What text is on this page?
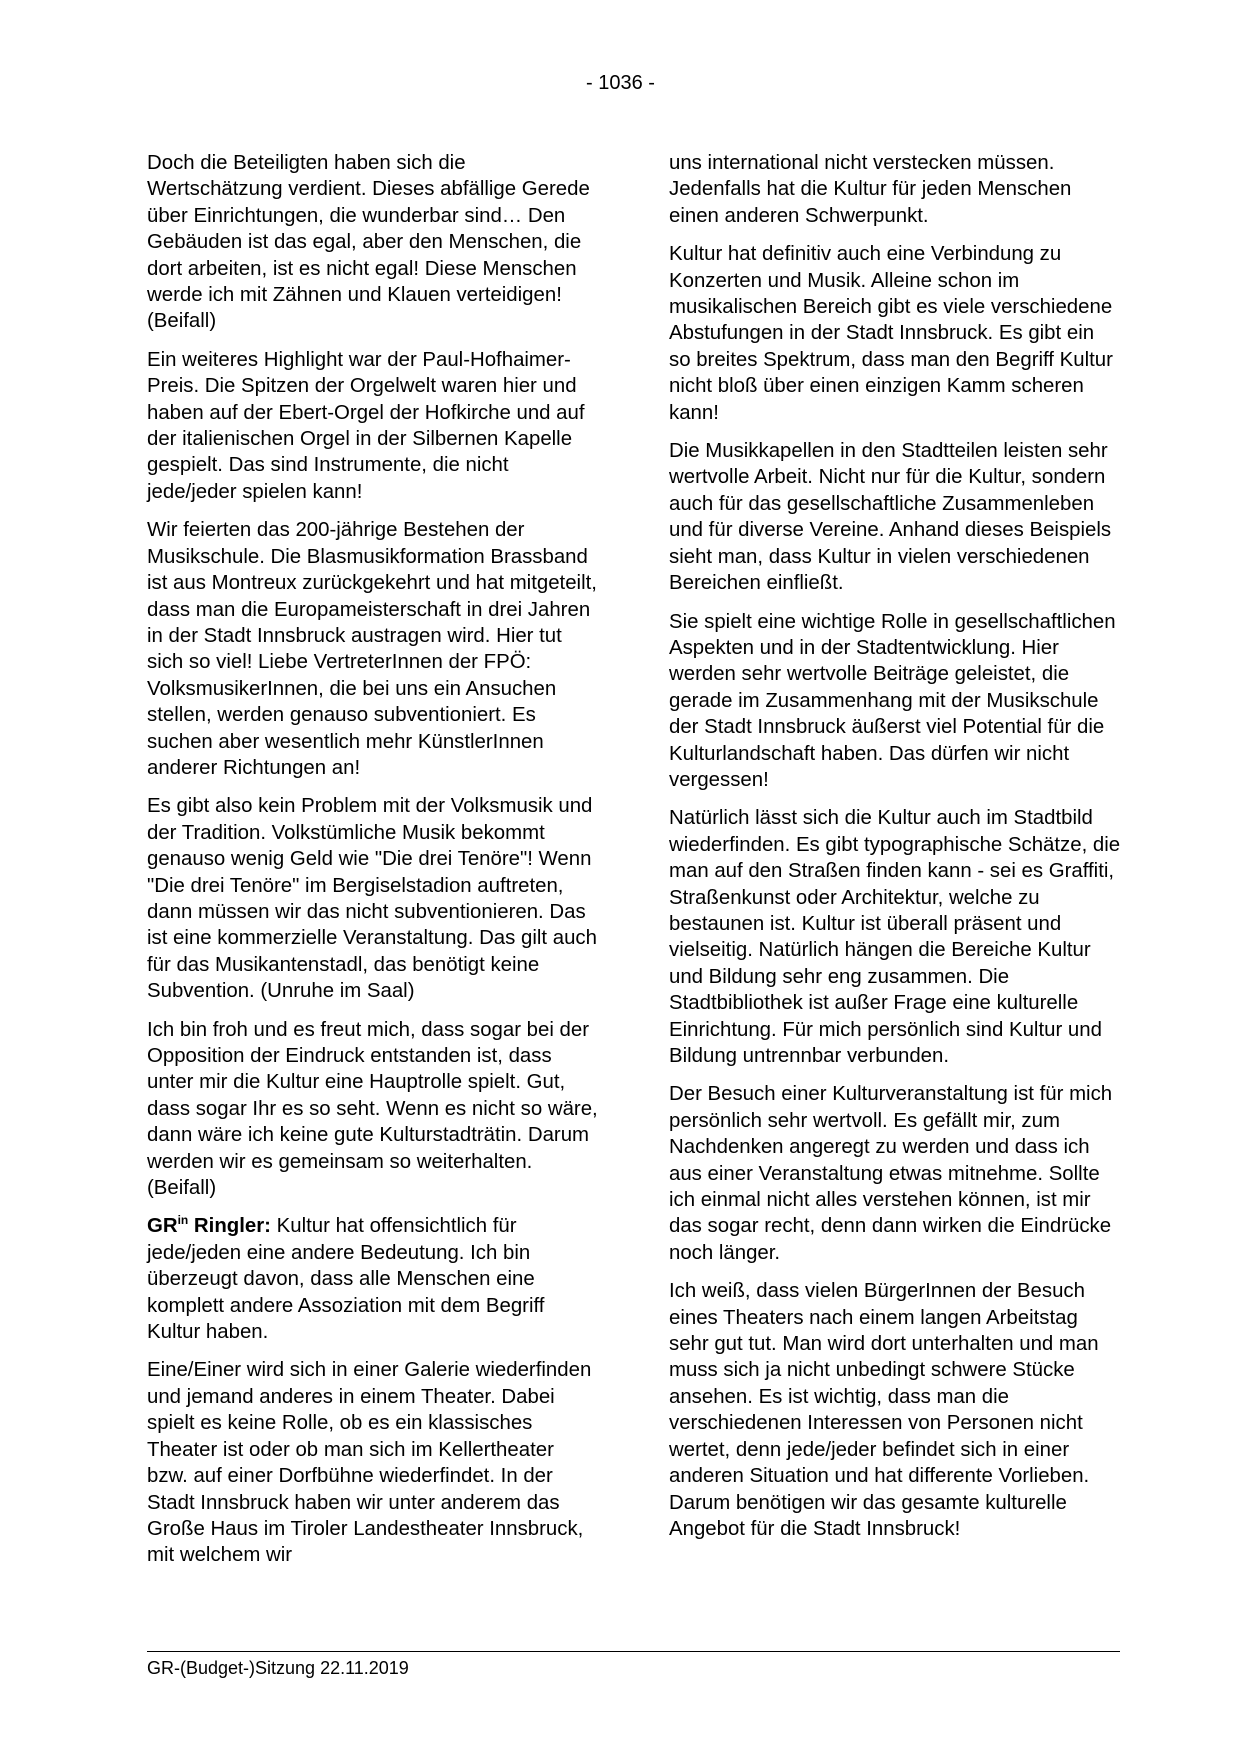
- 1036 -

Doch die Beteiligten haben sich die Wertschätzung verdient. Dieses abfällige Gerede über Einrichtungen, die wunderbar sind… Den Gebäuden ist das egal, aber den Menschen, die dort arbeiten, ist es nicht egal! Diese Menschen werde ich mit Zähnen und Klauen verteidigen! (Beifall)

Ein weiteres Highlight war der Paul-Hofhaimer-Preis. Die Spitzen der Orgelwelt waren hier und haben auf der Ebert-Orgel der Hofkirche und auf der italienischen Orgel in der Silbernen Kapelle gespielt. Das sind Instrumente, die nicht jede/jeder spielen kann!

Wir feierten das 200-jährige Bestehen der Musikschule. Die Blasmusikformation Brassband ist aus Montreux zurückgekehrt und hat mitgeteilt, dass man die Europameisterschaft in drei Jahren in der Stadt Innsbruck austragen wird. Hier tut sich so viel! Liebe VertreterInnen der FPÖ: VolksmusikerInnen, die bei uns ein Ansuchen stellen, werden genauso subventioniert. Es suchen aber wesentlich mehr KünstlerInnen anderer Richtungen an!

Es gibt also kein Problem mit der Volksmusik und der Tradition. Volkstümliche Musik bekommt genauso wenig Geld wie "Die drei Tenöre"! Wenn "Die drei Tenöre" im Bergiselstadion auftreten, dann müssen wir das nicht subventionieren. Das ist eine kommerzielle Veranstaltung. Das gilt auch für das Musikantenstadl, das benötigt keine Subvention. (Unruhe im Saal)

Ich bin froh und es freut mich, dass sogar bei der Opposition der Eindruck entstanden ist, dass unter mir die Kultur eine Hauptrolle spielt. Gut, dass sogar Ihr es so seht. Wenn es nicht so wäre, dann wäre ich keine gute Kulturstadträtin. Darum werden wir es gemeinsam so weiterhalten. (Beifall)

$GR^{in}$ Ringler: Kultur hat offensichtlich für jede/jeden eine andere Bedeutung. Ich bin überzeugt davon, dass alle Menschen eine komplett andere Assoziation mit dem Begriff Kultur haben.

Eine/Einer wird sich in einer Galerie wiederfinden und jemand anderes in einem Theater. Dabei spielt es keine Rolle, ob es ein klassisches Theater ist oder ob man sich im Kellertheater bzw. auf einer Dorfbühne wiederfindet. In der Stadt Innsbruck haben wir unter anderem das Große Haus im Tiroler Landestheater Innsbruck, mit welchem wir

uns international nicht verstecken müssen. Jedenfalls hat die Kultur für jeden Menschen einen anderen Schwerpunkt.

Kultur hat definitiv auch eine Verbindung zu Konzerten und Musik. Alleine schon im musikalischen Bereich gibt es viele verschiedene Abstufungen in der Stadt Innsbruck. Es gibt ein so breites Spektrum, dass man den Begriff Kultur nicht bloß über einen einzigen Kamm scheren kann!

Die Musikkapellen in den Stadtteilen leisten sehr wertvolle Arbeit. Nicht nur für die Kultur, sondern auch für das gesellschaftliche Zusammenleben und für diverse Vereine. Anhand dieses Beispiels sieht man, dass Kultur in vielen verschiedenen Bereichen einfließt.

Sie spielt eine wichtige Rolle in gesellschaftlichen Aspekten und in der Stadtentwicklung. Hier werden sehr wertvolle Beiträge geleistet, die gerade im Zusammenhang mit der Musikschule der Stadt Innsbruck äußerst viel Potential für die Kulturlandschaft haben. Das dürfen wir nicht vergessen!

Natürlich lässt sich die Kultur auch im Stadtbild wiederfinden. Es gibt typographische Schätze, die man auf den Straßen finden kann - sei es Graffiti, Straßenkunst oder Architektur, welche zu bestaunen ist. Kultur ist überall präsent und vielseitig. Natürlich hängen die Bereiche Kultur und Bildung sehr eng zusammen. Die Stadtbibliothek ist außer Frage eine kulturelle Einrichtung. Für mich persönlich sind Kultur und Bildung untrennbar verbunden.

Der Besuch einer Kulturveranstaltung ist für mich persönlich sehr wertvoll. Es gefällt mir, zum Nachdenken angeregt zu werden und dass ich aus einer Veranstaltung etwas mitnehme. Sollte ich einmal nicht alles verstehen können, ist mir das sogar recht, denn dann wirken die Eindrücke noch länger.

Ich weiß, dass vielen BürgerInnen der Besuch eines Theaters nach einem langen Arbeitstag sehr gut tut. Man wird dort unterhalten und man muss sich ja nicht unbedingt schwere Stücke ansehen. Es ist wichtig, dass man die verschiedenen Interessen von Personen nicht wertet, denn jede/jeder befindet sich in einer anderen Situation und hat differente Vorlieben. Darum benötigen wir das gesamte kulturelle Angebot für die Stadt Innsbruck!

GR-(Budget-)Sitzung 22.11.2019
